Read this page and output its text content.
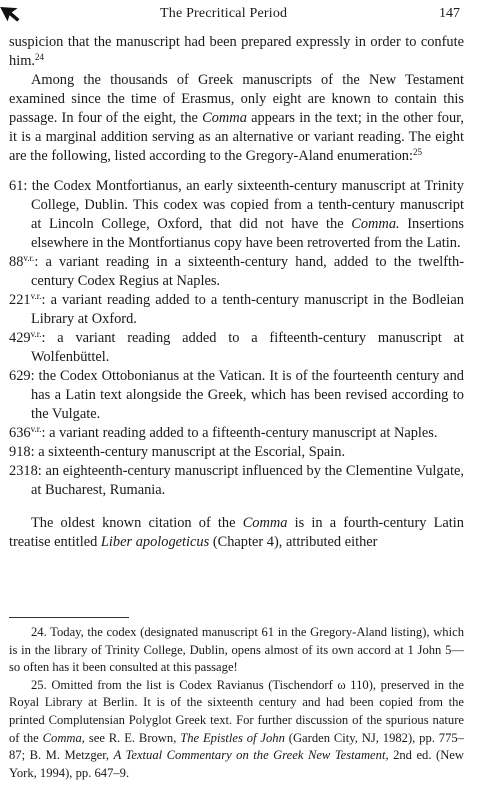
The Precritical Period	147

suspicion that the manuscript had been prepared expressly in order to confute him.$^{24}$

Among the thousands of Greek manuscripts of the New Testament examined since the time of Erasmus, only eight are known to contain this passage. In four of the eight, the Comma appears in the text; in the other four, it is a marginal addition serving as an alternative or variant reading. The eight are the following, listed according to the Gregory-Aland enumeration:$^{25}$

61: the Codex Montfortianus, an early sixteenth-century manuscript at Trinity College, Dublin. This codex was copied from a tenth-century manuscript at Lincoln College, Oxford, that did not have the Comma. Insertions elsewhere in the Montfortianus copy have been retroverted from the Latin.
$88^{v.r.}$: a variant reading in a sixteenth-century hand, added to the twelfth-century Codex Regius at Naples.
$221^{v.r.}$: a variant reading added to a tenth-century manuscript in the Bodleian Library at Oxford.
$429^{v.r.}$: a variant reading added to a fifteenth-century manuscript at Wolfenbüttel.
629: the Codex Ottobonianus at the Vatican. It is of the fourteenth century and has a Latin text alongside the Greek, which has been revised according to the Vulgate.
$636^{v.r.}$: a variant reading added to a fifteenth-century manuscript at Naples.
918: a sixteenth-century manuscript at the Escorial, Spain.
2318: an eighteenth-century manuscript influenced by the Clementine Vulgate, at Bucharest, Rumania.

The oldest known citation of the Comma is in a fourth-century Latin treatise entitled Liber apologeticus (Chapter 4), attributed either

24. Today, the codex (designated manuscript 61 in the Gregory-Aland listing), which is in the library of Trinity College, Dublin, opens almost of its own accord at 1 John 5—so often has it been consulted at this passage!

25. Omitted from the list is Codex Ravianus (Tischendorf ω 110), preserved in the Royal Library at Berlin. It is of the sixteenth century and had been copied from the printed Complutensian Polyglot Greek text. For further discussion of the spurious nature of the Comma, see R. E. Brown, The Epistles of John (Garden City, NJ, 1982), pp. 775–87; B. M. Metzger, A Textual Commentary on the Greek New Testament, 2nd ed. (New York, 1994), pp. 647–9.
